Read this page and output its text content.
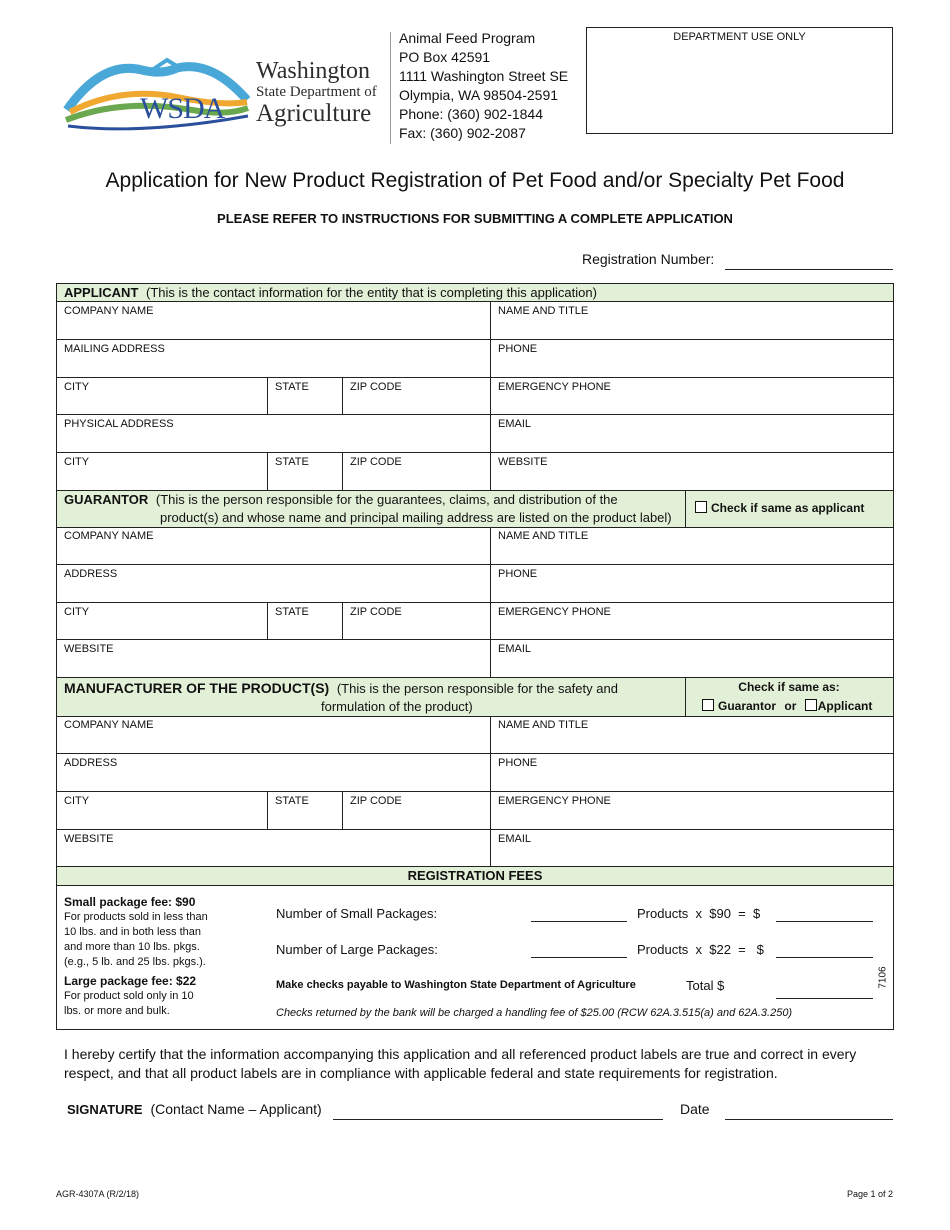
WSDA
Washington
State Department of
Agriculture
Animal Feed Program
PO Box 42591
1111 Washington Street SE
Olympia, WA 98504-2591
Phone: (360) 902-1844
Fax: (360) 902-2087
DEPARTMENT USE ONLY
Application for New Product Registration of Pet Food and/or Specialty Pet Food
PLEASE REFER TO INSTRUCTIONS FOR SUBMITTING A COMPLETE APPLICATION
Registration Number:
APPLICANT (This is the contact information for the entity that is completing this application)
COMPANY NAME	NAME AND TITLE
MAILING ADDRESS	PHONE
CITY	STATE	ZIP CODE	EMERGENCY PHONE
PHYSICAL ADDRESS	EMAIL
CITY	STATE	ZIP CODE	WEBSITE
GUARANTOR (This is the person responsible for the guarantees, claims, and distribution of the
product(s) and whose name and principal mailing address are listed on the product label)
Check if same as applicant
COMPANY NAME	NAME AND TITLE
ADDRESS	PHONE
CITY	STATE	ZIP CODE	EMERGENCY PHONE
WEBSITE	EMAIL
MANUFACTURER OF THE PRODUCT(S) (This is the person responsible for the safety and
formulation of the product)
Check if same as:
Guarantor or Applicant
COMPANY NAME	NAME AND TITLE
ADDRESS	PHONE
CITY	STATE	ZIP CODE	EMERGENCY PHONE
WEBSITE	EMAIL
REGISTRATION FEES
Small package fee: $90
For products sold in less than
10 lbs. and in both less than
and more than 10 lbs. pkgs.
(e.g., 5 lb. and 25 lbs. pkgs.).
Large package fee: $22
For product sold only in 10
lbs. or more and bulk.
Number of Small Packages:	Products  x  $90  =  $
Number of Large Packages:	Products  x  $22  =   $
Make checks payable to Washington State Department of Agriculture	Total $	7106
Checks returned by the bank will be charged a handling fee of $25.00 (RCW 62A.3.515(a) and 62A.3.250)
I hereby certify that the information accompanying this application and all referenced product labels are true and correct in every respect, and that all product labels are in compliance with applicable federal and state requirements for registration.
SIGNATURE (Contact Name – Applicant)	Date
AGR-4307A (R/2/18)	Page 1 of 2
